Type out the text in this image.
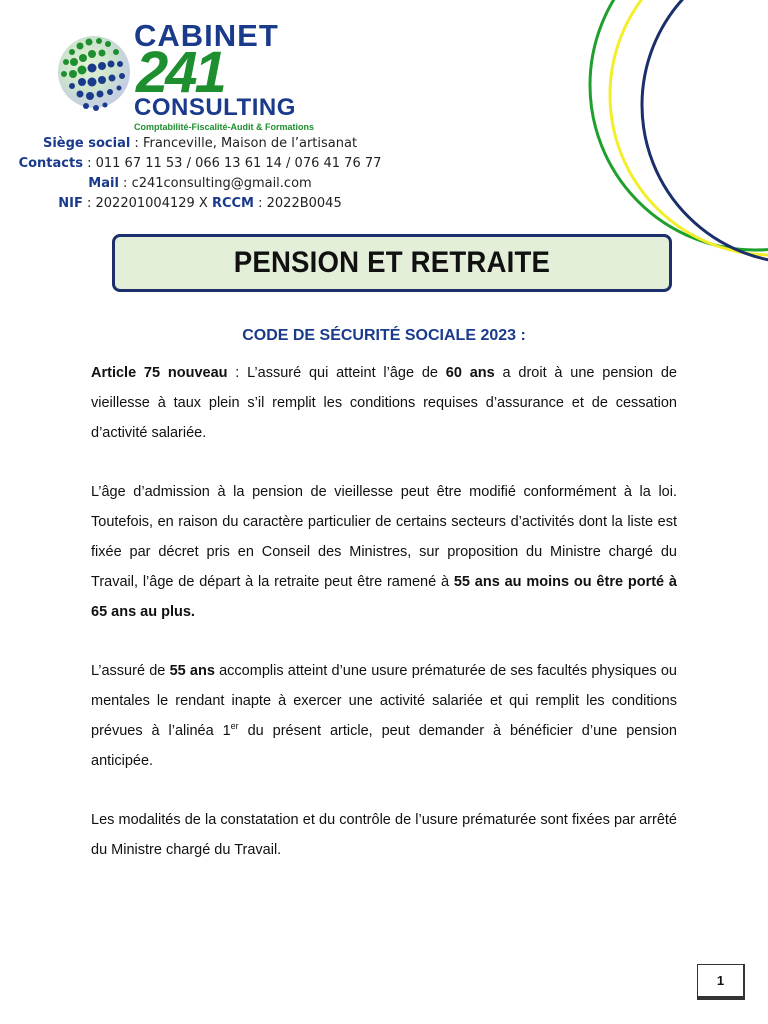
CABINET
241
CONSULTING
Comptabilité-Fiscalité-Audit & Formations
Siège social : Franceville, Maison de l’artisanat
Contacts : 011 67 11 53 / 066 13 61 14 / 076 41 76 77
Mail : c241consulting@gmail.com
NIF : 202201004129 X RCCM : 2022B0045
PENSION ET RETRAITE
CODE DE SÉCURITÉ SOCIALE 2023 :

Article 75 nouveau : L’assuré qui atteint l’âge de 60 ans a droit à une pension de vieillesse à taux plein s’il remplit les conditions requises d’assurance et de cessation d’activité salariée.

L’âge d’admission à la pension de vieillesse peut être modifié conformément à la loi. Toutefois, en raison du caractère particulier de certains secteurs d’activités dont la liste est fixée par décret pris en Conseil des Ministres, sur proposition du Ministre chargé du Travail, l’âge de départ à la retraite peut être ramené à 55 ans au moins ou être porté à 65 ans au plus.

L’assuré de 55 ans accomplis atteint d’une usure prématurée de ses facultés physiques ou mentales le rendant inapte à exercer une activité salariée et qui remplit les conditions prévues à l’alinéa 1er du présent article, peut demander à bénéficier d’une pension anticipée.

Les modalités de la constatation et du contrôle de l’usure prématurée sont fixées par arrêté du Ministre chargé du Travail.

1
